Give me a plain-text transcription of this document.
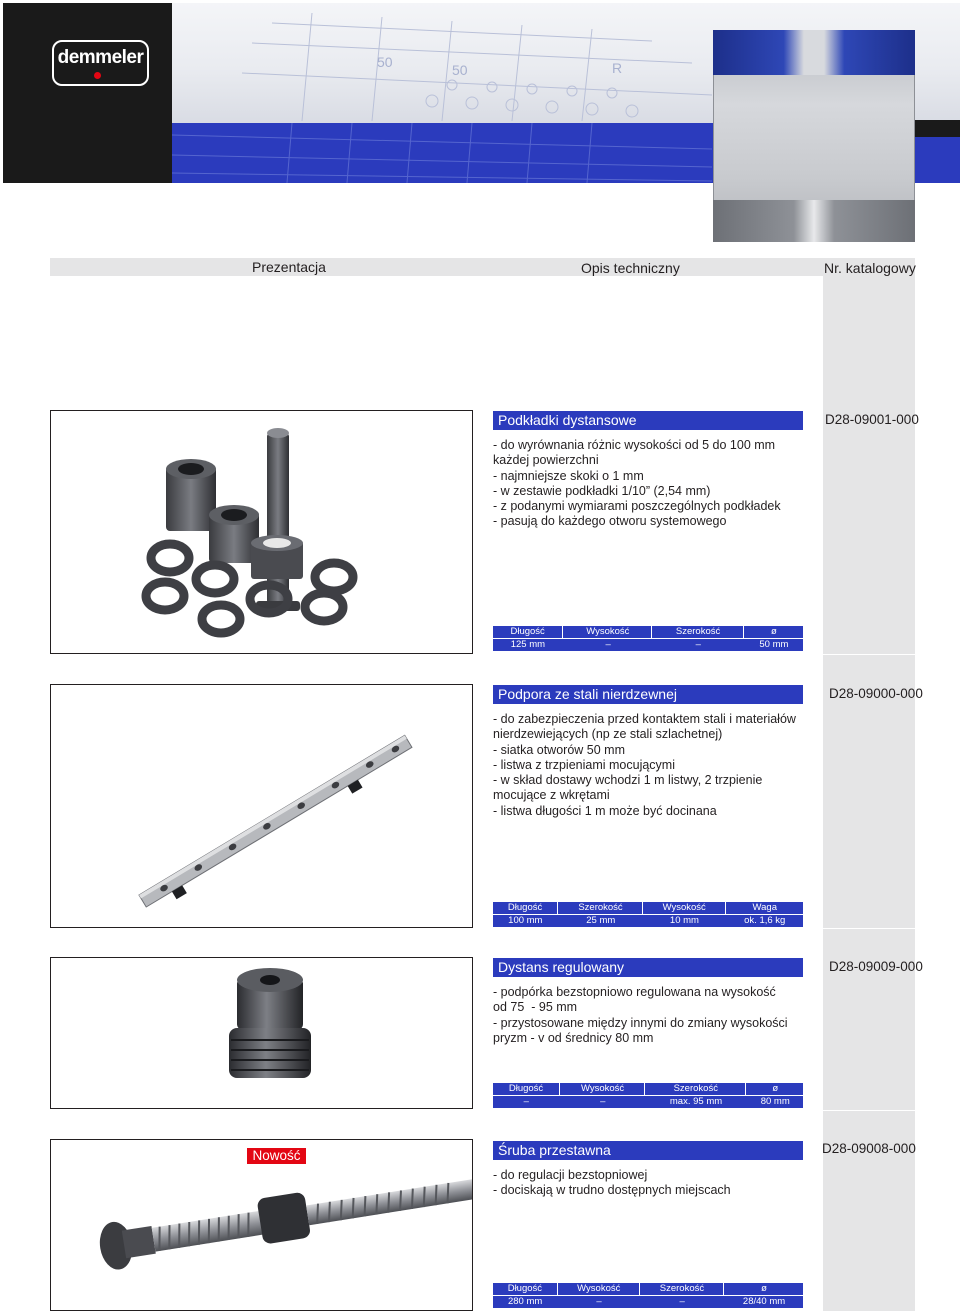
50	50	R
demmeler
Prezentacja	Opis techniczny	Nr. katalogowy
Podkładki dystansowe
- do wyrównania różnic wysokości od 5 do 100 mm
każdej powierzchni
- najmniejsze skoki o 1 mm
- w zestawie podkładki 1/10” (2,54 mm)
- z podanymi wymiarami poszczególnych podkładek
- pasują do każdego otworu systemowego
D28-09001-000
Długość		Wysokość		Szerokość		ø
125 mm		–		–		50 mm
Podpora ze stali nierdzewnej
- do zabezpieczenia przed kontaktem stali i materiałów
nierdzewiejących (np ze stali szlachetnej)
- siatka otworów 50 mm
- listwa z trzpieniami mocującymi
- w skład dostawy wchodzi 1 m listwy, 2 trzpienie
mocujące z wkrętami
- listwa długości 1 m może być docinana
D28-09000-000
Długość		Szerokość		Wysokość		Waga
100 mm		25 mm		10 mm		ok. 1,6 kg
Dystans regulowany
- podpórka bezstopniowo regulowana na wysokość
od 75  - 95 mm
- przystosowane między innymi do zmiany wysokości
pryzm - v od średnicy 80 mm
D28-09009-000
Długość		Wysokość		Szerokość		ø
–		–		max. 95 mm		80 mm
Nowość	Śruba przestawna
- do regulacji bezstopniowej
- dociskają w trudno dostępnych miejscach
D28-09008-000
Długość		Wysokość		Szerokość		ø
280 mm		–		–		28/40 mm
